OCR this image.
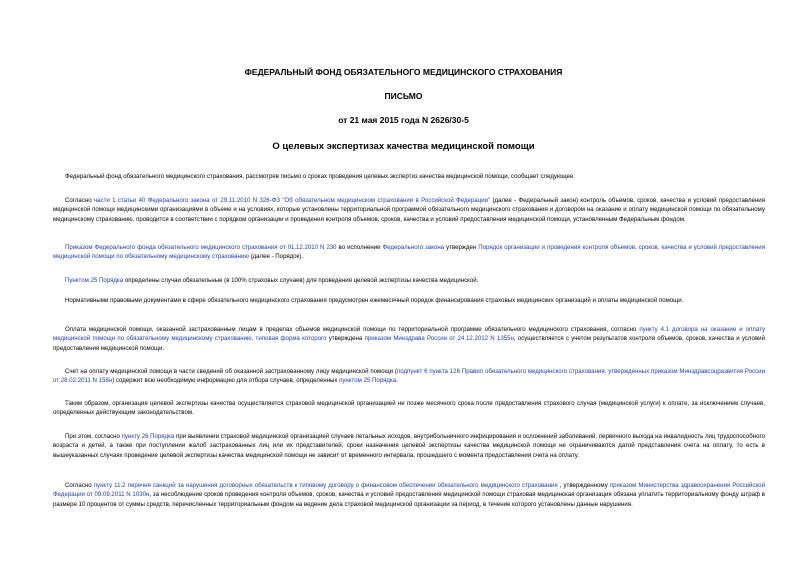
ФЕДЕРАЛЬНЫЙ ФОНД ОБЯЗАТЕЛЬНОГО МЕДИЦИНСКОГО СТРАХОВАНИЯ
ПИСЬМО
от 21 мая 2015 года N 2626/30-5
О целевых экспертизах качества медицинской помощи

Федеральный фонд обязательного медицинского страхования, рассмотрев письмо о сроках проведения целевых экспертиз качества медицинской помощи, сообщает следующее.

Согласно части 1 статьи 40 Федерального закона от 29.11.2010 N 326-ФЗ "Об обязательном медицинском страховании в Российской Федерации" (далее - Федеральный закон) контроль объемов, сроков, качества и условий предоставления медицинской помощи медицинскими организациями в объеме и на условиях, которые установлены территориальной программой обязательного медицинского страхования и договором на оказание и оплату медицинской помощи по обязательному медицинскому страхованию, проводится в соответствии с порядком организации и проведения контроля объемов, сроков, качества и условий предоставления медицинской помощи, установленным Федеральным фондом.

Приказом Федерального фонда обязательного медицинского страхования от 01.12.2010 N 230 во исполнение Федерального закона утвержден Порядок организации и проведения контроля объемов, сроков, качества и условий предоставления медицинской помощи по обязательному медицинскому страхованию (далее - Порядок).

Пунктом 25 Порядка определены случаи обязательные (в 100% страховых случаев) для проведения целевой экспертизы качества медицинской.

Нормативными правовыми документами в сфере обязательного медицинского страхования предусмотрен ежемесячный порядок финансирования страховых медицинских организаций и оплаты медицинской помощи.

Оплата медицинской помощи, оказанной застрахованным лицам в пределах объемов медицинской помощи по территориальной программе обязательного медицинского страхования, согласно пункту 4.1 договора на оказание и оплату медицинской помощи по обязательному медицинскому страхованию, типовая форма которого утверждена приказом Минздрава России от 24.12.2012 N 1355н, осуществляется с учетом результатов контроля объемов, сроков, качества и условий предоставления медицинской помощи.

Счет на оплату медицинской помощи в части сведений об оказанной застрахованному лицу медицинской помощи (подпункт 6 пункта 126 Правил обязательного медицинского страхования, утвержденных приказом Минздравсоцразвития России от 28.02.2011 N 158н) содержит всю необходимую информацию для отбора случаев, определенных пунктом 25 Порядка.

Таким образом, организация целевой экспертизы качества осуществляется страховой медицинской организацией не позже месячного срока после предоставления страхового случая (медицинской услуги) к оплате, за исключением случаев, определенных действующим законодательством.

При этом, согласно пункту 26 Порядка при выявлении страховой медицинской организацией случаев летальных исходов, внутрибольничного инфицирования и осложнений заболеваний, первичного выхода на инвалидность лиц трудоспособного возраста и детей, а также при поступлении жалоб застрахованных лиц или их представителей, сроки назначения целевой экспертизы качества медицинской помощи не ограничиваются датой представления счета на оплату, то есть в вышеуказанных случаях проведение целевой экспертизы качества медицинской помощи не зависит от временного интервала, прошедшего с момента предоставления счета на оплату.

Согласно пункту 11.2 перечня санкций за нарушения договорных обязательств к типовому договору о финансовом обеспечении обязательного медицинского страхования , утвержденному приказом Министерства здравоохранения Российской Федерации от 09.09.2011 N 1030н, за несоблюдение сроков проведения контроля объемов, сроков, качества и условий предоставления медицинской помощи страховая медицинская организация обязана уплатить территориальному фонду штраф в размере 10 процентов от суммы средств, перечисленных территориальным фондом на ведение дела страховой медицинской организации за период, в течение которого установлены данные нарушения.
